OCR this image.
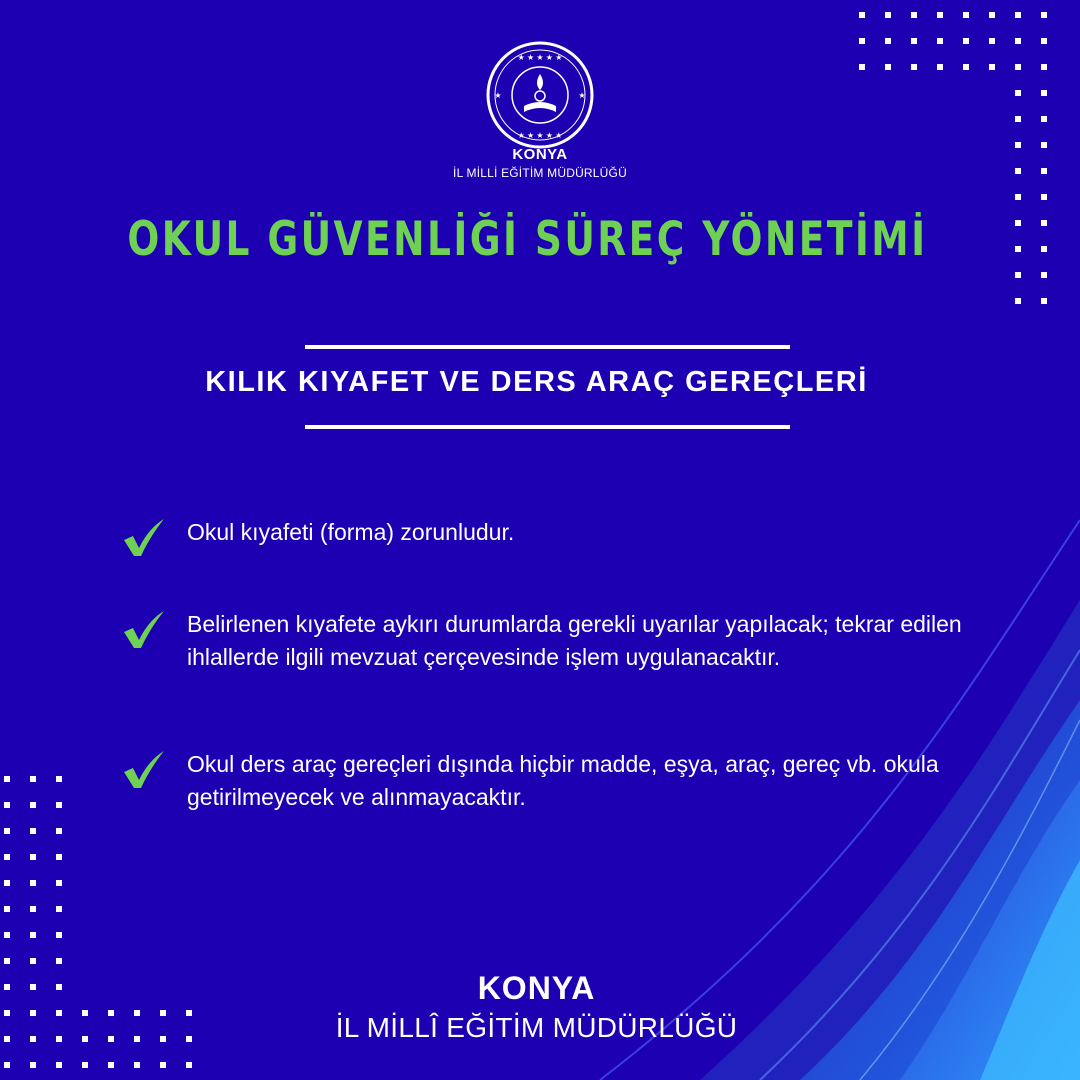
★ ★ ★ ★ ★
★ ★ ★ ★ ★
★	★
KONYA
İL MİLLİ EĞİTİM MÜDÜRLÜĞÜ
OKUL GÜVENLİĞİ SÜREÇ YÖNETİMİ
KILIK KIYAFET VE DERS ARAÇ GEREÇLERİ
Okul kıyafeti (forma) zorunludur.
Belirlenen kıyafete aykırı durumlarda gerekli uyarılar yapılacak; tekrar edilen ihlallerde ilgili mevzuat çerçevesinde işlem uygulanacaktır.
Okul ders araç gereçleri dışında hiçbir madde, eşya, araç, gereç vb. okula getirilmeyecek ve alınmayacaktır.
KONYA
İL MİLLÎ EĞİTİM MÜDÜRLÜĞÜ
